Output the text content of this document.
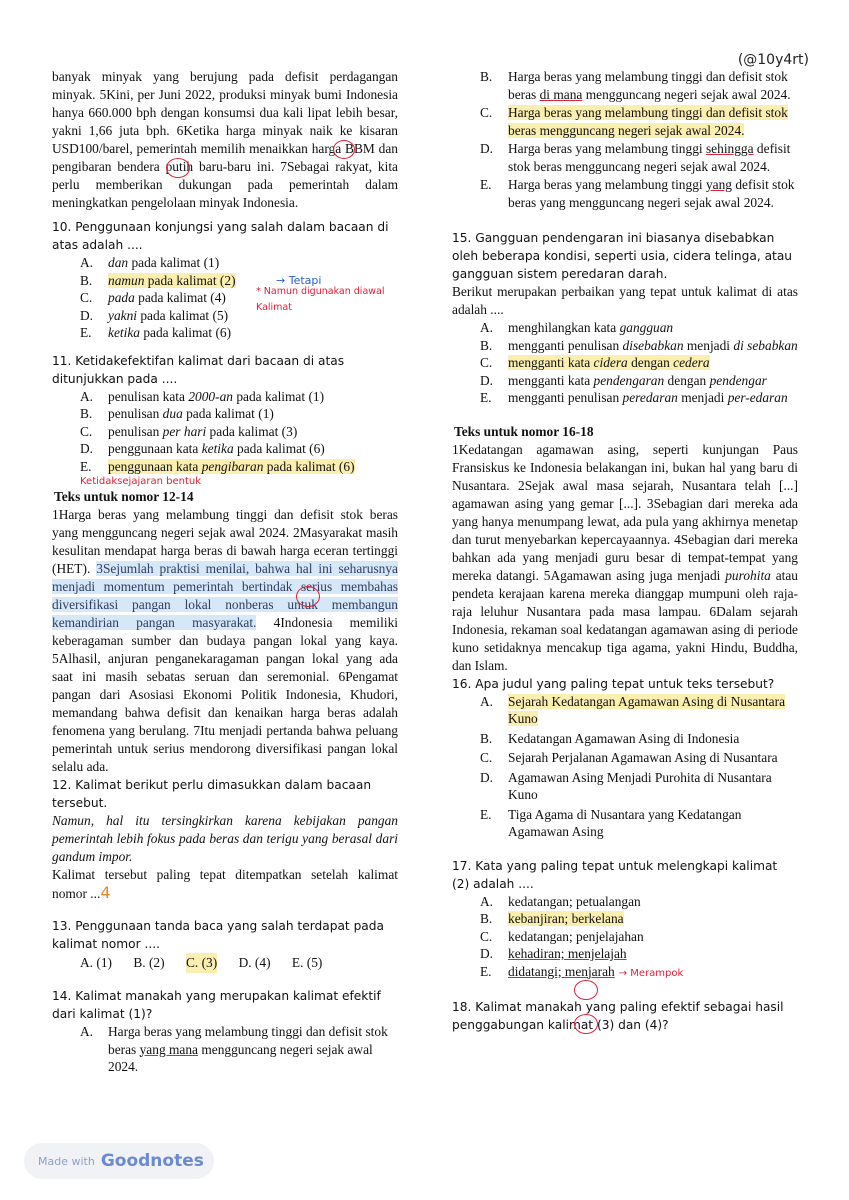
(@10y4rt)

banyak minyak yang berujung pada defisit perdagangan minyak. 5Kini, per Juni 2022, produksi minyak bumi Indonesia hanya 660.000 bph dengan konsumsi dua kali lipat lebih besar, yakni 1,66 juta bph. 6Ketika harga minyak naik ke kisaran USD100/barel, pemerintah memilih menaikkan harga BBM dan pengibaran bendera putih baru-baru ini. 7Sebagai rakyat, kita perlu memberikan dukungan pada pemerintah dalam meningkatkan pengelolaan minyak Indonesia.

10. Penggunaan konjungsi yang salah dalam bacaan di atas adalah ....

A. dan pada kalimat (1)
B. namun pada kalimat (2)	→ Tetapi
C. pada pada kalimat (4)	* Namun digunakan diawal
Kalimat
D. yakni pada kalimat (5)
E. ketika pada kalimat (6)

11. Ketidakefektifan kalimat dari bacaan di atas ditunjukkan pada ....

A. penulisan kata 2000-an pada kalimat (1)
B. penulisan dua pada kalimat (1)
C. penulisan per hari pada kalimat (3)
D. penggunaan kata ketika pada kalimat (6)
E. penggunaan kata pengibaran pada kalimat (6)
Ketidaksejajaran bentuk
Teks untuk nomor 12-14

1Harga beras yang melambung tinggi dan defisit stok beras yang mengguncang negeri sejak awal 2024. 2Masyarakat masih kesulitan mendapat harga beras di bawah harga eceran tertinggi (HET). 3Sejumlah praktisi menilai, bahwa hal ini seharusnya menjadi momentum pemerintah bertindak serius membahas diversifikasi pangan lokal nonberas untuk membangun kemandirian pangan masyarakat. 4Indonesia memiliki keberagaman sumber dan budaya pangan lokal yang kaya. 5Alhasil, anjuran penganekaragaman pangan lokal yang ada saat ini masih sebatas seruan dan seremonial. 6Pengamat pangan dari Asosiasi Ekonomi Politik Indonesia, Khudori, memandang bahwa defisit dan kenaikan harga beras adalah fenomena yang berulang. 7Itu menjadi pertanda bahwa peluang pemerintah untuk serius mendorong diversifikasi pangan lokal selalu ada.

12. Kalimat berikut perlu dimasukkan dalam bacaan tersebut.

Namun, hal itu tersingkirkan karena kebijakan pangan pemerintah lebih fokus pada beras dan terigu yang berasal dari gandum impor.

Kalimat tersebut paling tepat ditempatkan setelah kalimat nomor ...4

13. Penggunaan tanda baca yang salah terdapat pada kalimat nomor ....

A. (1) B. (2) C. (3) D. (4) E. (5)

14. Kalimat manakah yang merupakan kalimat efektif dari kalimat (1)?

A. Harga beras yang melambung tinggi dan defisit stok beras yang mana mengguncang negeri sejak awal 2024.
B. Harga beras yang melambung tinggi dan defisit stok beras di mana mengguncang negeri sejak awal 2024.
C. Harga beras yang melambung tinggi dan defisit stok beras mengguncang negeri sejak awal 2024.
D. Harga beras yang melambung tinggi sehingga defisit stok beras mengguncang negeri sejak awal 2024.
E. Harga beras yang melambung tinggi yang defisit stok beras yang mengguncang negeri sejak awal 2024.

15. Gangguan pendengaran ini biasanya disebabkan oleh beberapa kondisi, seperti usia, cidera telinga, atau gangguan sistem peredaran darah.

Berikut merupakan perbaikan yang tepat untuk kalimat di atas adalah ....

A. menghilangkan kata gangguan
B. mengganti penulisan disebabkan menjadi di sebabkan
C. mengganti kata cidera dengan cedera
D. mengganti kata pendengaran dengan pendengar
E. mengganti penulisan peredaran menjadi per-edaran
Teks untuk nomor 16-18

1Kedatangan agamawan asing, seperti kunjungan Paus Fransiskus ke Indonesia belakangan ini, bukan hal yang baru di Nusantara. 2Sejak awal masa sejarah, Nusantara telah [...] agamawan asing yang gemar [...]. 3Sebagian dari mereka ada yang hanya menumpang lewat, ada pula yang akhirnya menetap dan turut menyebarkan kepercayaannya. 4Sebagian dari mereka bahkan ada yang menjadi guru besar di tempat-tempat yang mereka datangi. 5Agamawan asing juga menjadi purohita atau pendeta kerajaan karena mereka dianggap mumpuni oleh raja-raja leluhur Nusantara pada masa lampau. 6Dalam sejarah Indonesia, rekaman soal kedatangan agamawan asing di periode kuno setidaknya mencakup tiga agama, yakni Hindu, Buddha, dan Islam.

16. Apa judul yang paling tepat untuk teks tersebut?

A. Sejarah Kedatangan Agamawan Asing di Nusantara Kuno
B. Kedatangan Agamawan Asing di Indonesia
C. Sejarah Perjalanan Agamawan Asing di Nusantara
D. Agamawan Asing Menjadi Purohita di Nusantara Kuno
E. Tiga Agama di Nusantara yang Kedatangan Agamawan Asing

17. Kata yang paling tepat untuk melengkapi kalimat (2) adalah ....

A. kedatangan; petualangan
B. kebanjiran; berkelana
C. kedatangan; penjelajahan
D. kehadiran; menjelajah
E. didatangi; menjarah → Merampok

18. Kalimat manakah yang paling efektif sebagai hasil penggabungan kalimat (3) dan (4)?

Made with Goodnotes
